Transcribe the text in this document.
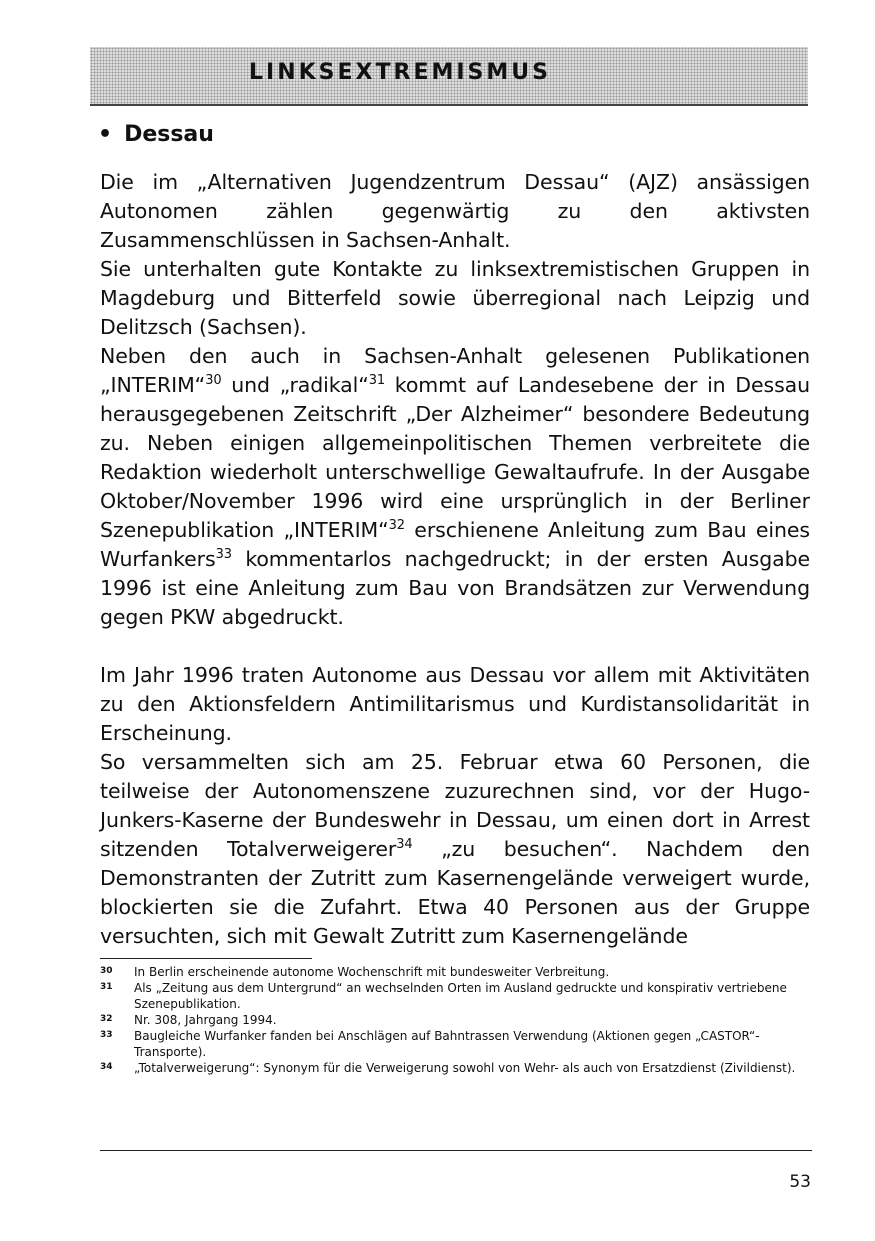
LINKSEXTREMISMUS
• Dessau

Die im „Alternativen Jugendzentrum Dessau“ (AJZ) ansässigen Autonomen zählen gegenwärtig zu den aktivsten Zusammenschlüssen in Sachsen-Anhalt.

Sie unterhalten gute Kontakte zu linksextremistischen Gruppen in Magdeburg und Bitterfeld sowie überregional nach Leipzig und Delitzsch (Sachsen).

Neben den auch in Sachsen-Anhalt gelesenen Publikationen „INTERIM“$^{30}$ und „radikal“$^{31}$ kommt auf Landesebene der in Dessau herausgegebenen Zeitschrift „Der Alzheimer“ besondere Bedeutung zu. Neben einigen allgemeinpolitischen Themen verbreitete die Redaktion wiederholt unterschwellige Gewaltaufrufe. In der Ausgabe Oktober/November 1996 wird eine ursprünglich in der Berliner Szenepublikation „INTERIM“$^{32}$ erschienene Anleitung zum Bau eines Wurfankers$^{33}$ kommentarlos nachgedruckt; in der ersten Ausgabe 1996 ist eine Anleitung zum Bau von Brandsätzen zur Verwendung gegen PKW abgedruckt.

Im Jahr 1996 traten Autonome aus Dessau vor allem mit Aktivitäten zu den Aktionsfeldern Antimilitarismus und Kurdistansolidarität in Erscheinung.

So versammelten sich am 25. Februar etwa 60 Personen, die teilweise der Autonomenszene zuzurechnen sind, vor der Hugo-Junkers-Kaserne der Bundeswehr in Dessau, um einen dort in Arrest sitzenden Totalverweigerer$^{34}$ „zu besuchen“. Nachdem den Demonstranten der Zutritt zum Kasernengelände verweigert wurde, blockierten sie die Zufahrt. Etwa 40 Personen aus der Gruppe versuchten, sich mit Gewalt Zutritt zum Kasernengelände

30	In Berlin erscheinende autonome Wochenschrift mit bundesweiter Verbreitung.
31	Als „Zeitung aus dem Untergrund“ an wechselnden Orten im Ausland gedruckte und konspirativ vertriebene Szenepublikation.
32	Nr. 308, Jahrgang 1994.
33	Baugleiche Wurfanker fanden bei Anschlägen auf Bahntrassen Verwendung (Aktionen gegen „CASTOR“-Transporte).
34	„Totalverweigerung“: Synonym für die Verweigerung sowohl von Wehr- als auch von Ersatzdienst (Zivildienst).
53
